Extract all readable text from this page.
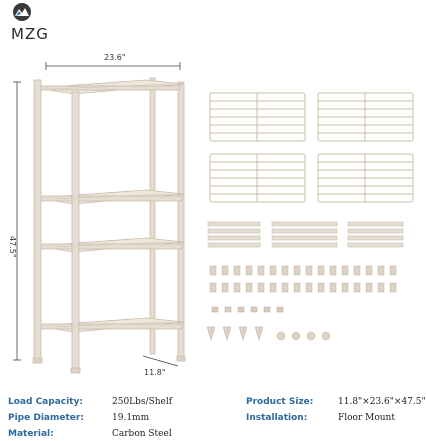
47.5"
23.6"
11.8"
MZG
Load Capacity:	250Lbs/Shelf
Pipe Diameter:	19.1mm
Material:	Carbon Steel
Product Size:	11.8"×23.6"×47.5"
Installation:	Floor Mount
